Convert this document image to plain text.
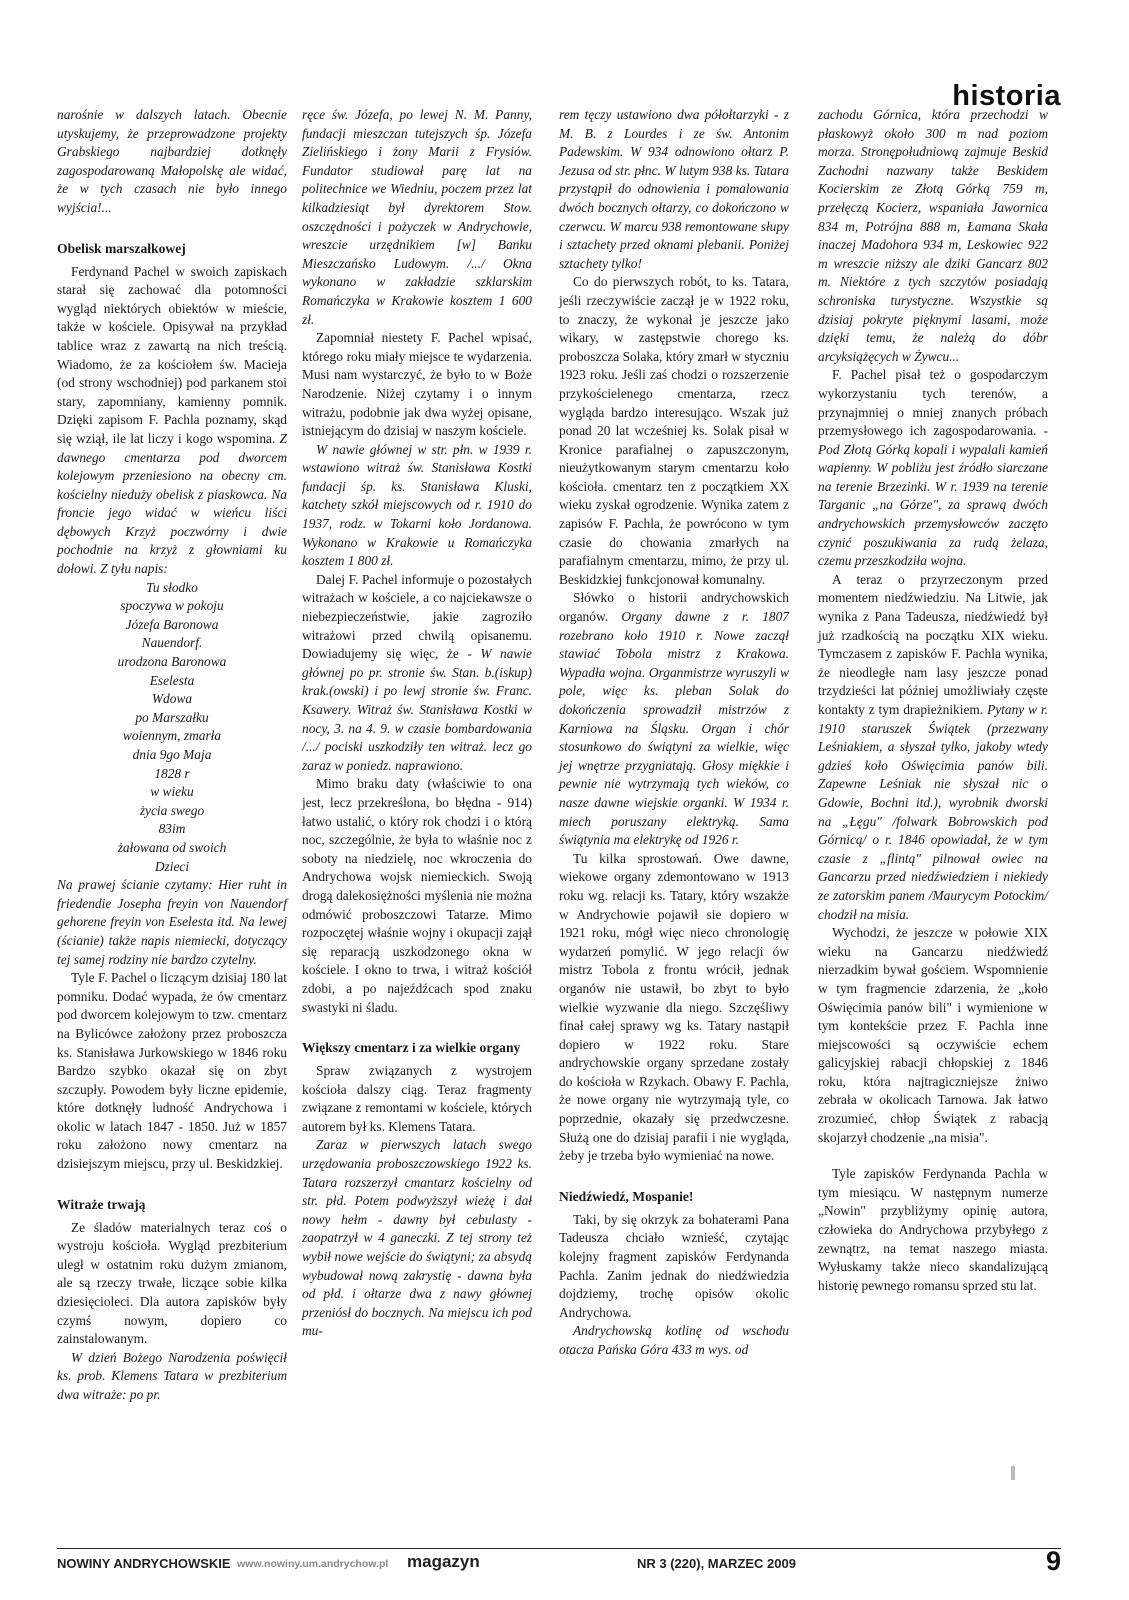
historia

narośnie w dalszych latach. Obecnie utyskujemy, że przeprowadzone projekty Grabskiego najbardziej dotknęły zagospodarowaną Małopolskę ale widać, że w tych czasach nie było innego wyjścia!...

Obelisk marszałkowej

Ferdynand Pachel w swoich zapiskach starał się zachować dla potomności wygląd niektórych obiektów w mieście, także w kościele. Opisywał na przykład tablice wraz z zawartą na nich treścią. Wiadomo, że za kościołem św. Macieja (od strony wschodniej) pod parkanem stoi stary, zapomniany, kamienny pomnik. Dzięki zapisom F. Pachla poznamy, skąd się wziął, ile lat liczy i kogo wspomina. Z dawnego cmentarza pod dworcem kolejowym przeniesiono na obecny cm. kościelny nieduży obelisk z piaskowca. Na froncie jego widać w wieńcu liści dębowych Krzyż poczwórny i dwie pochodnie na krzyż z głowniami ku dołowi. Z tyłu napis:

Tu słodko

spoczywa w pokoju

Józefa Baronowa

Nauendorf.

urodzona Baronowa

Eselesta

Wdowa

po Marszałku

woiennym, zmarła

dnia 9go Maja

1828 r

w wieku

życia swego

83im

żałowana od swoich

Dzieci

Na prawej ścianie czytamy: Hier ruht in friedendie Josepha freyin von Nauendorf gehorene freyin von Eselesta itd. Na lewej (ścianie) także napis niemiecki, dotyczący tej samej rodziny nie bardzo czytelny.

Tyle F. Pachel o liczącym dzisiaj 180 lat pomniku. Dodać wypada, że ów cmentarz pod dworcem kolejowym to tzw. cmentarz na Bylicówce założony przez proboszcza ks. Stanisława Jurkowskiego w 1846 roku Bardzo szybko okazał się on zbyt szczupły. Powodem były liczne epidemie, które dotknęły ludność Andrychowa i okolic w latach 1847 - 1850. Już w 1857 roku założono nowy cmentarz na dzisiejszym miejscu, przy ul. Beskidzkiej.

Witraże trwają

Ze śladów materialnych teraz coś o wystroju kościoła. Wygląd prezbiterium uległ w ostatnim roku dużym zmianom, ale są rzeczy trwałe, liczące sobie kilka dziesięcioleci. Dla autora zapisków były czymś nowym, dopiero co zainstalowanym.

W dzień Bożego Narodzenia poświęcił ks. prob. Klemens Tatara w prezbiterium dwa witraże: po pr.

ręce św. Józefa, po lewej N. M. Panny, fundacji mieszczan tutejszych śp. Józefa Zielińskiego i żony Marii z Frysiów. Fundator studiował parę lat na politechnice we Wiedniu, poczem przez lat kilkadziesiąt był dyrektorem Stow. oszczędności i pożyczek w Andrychowie, wreszcie urzędnikiem [w] Banku Mieszczańsko Ludowym. /.../ Okna wykonano w zakładzie szklarskim Romańczyka w Krakowie kosztem 1 600 zł.

Zapomniał niestety F. Pachel wpisać, którego roku miały miejsce te wydarzenia. Musi nam wystarczyć, że było to w Boże Narodzenie. Niżej czytamy i o innym witrażu, podobnie jak dwa wyżej opisane, istniejącym do dzisiaj w naszym kościele.

W nawie głównej w str. płn. w 1939 r. wstawiono witraż św. Stanisława Kostki fundacji śp. ks. Stanisława Kluski, katchety szkół miejscowych od r. 1910 do 1937, rodz. w Tokarni koło Jordanowa. Wykonano w Krakowie u Romańczyka kosztem 1 800 zł.

Dalej F. Pachel informuje o pozostałych witrażach w kościele, a co najciekawsze o niebezpieczeństwie, jakie zagroziło witrażowi przed chwilą opisanemu. Dowiadujemy się więc, że - W nawie głównej po pr. stronie św. Stan. b.(iskup) krak.(owski) i po lewj stronie św. Franc. Ksawery. Witraż św. Stanisława Kostki w nocy, 3. na 4. 9. w czasie bombardowania /.../ pociski uszkodziły ten witraż. lecz go zaraz w poniedz. naprawiono.

Mimo braku daty (właściwie to ona jest, lecz przekreślona, bo błędna - 914) łatwo ustalić, o który rok chodzi i o którą noc, szczególnie, że była to właśnie noc z soboty na niedzielę, noc wkroczenia do Andrychowa wojsk niemieckich. Swoją drogą dalekosiężności myślenia nie można odmówić proboszczowi Tatarze. Mimo rozpoczętej właśnie wojny i okupacji zajął się reparacją uszkodzonego okna w kościele. I okno to trwa, i witraż kościół zdobi, a po najeźdźcach spod znaku swastyki ni śladu.

Większy cmentarz i za wielkie organy

Spraw związanych z wystrojem kościoła dalszy ciąg. Teraz fragmenty związane z remontami w kościele, których autorem był ks. Klemens Tatara.

Zaraz w pierwszych latach swego urzędowania proboszczowskiego 1922 ks. Tatara rozszerzył cmantarz kościelny od str. płd. Potem podwyższył wieżę i dał nowy hełm - dawny był cebulasty - zaopatrzył w 4 ganeczki. Z tej strony też wybił nowe wejście do świątyni; za absydą wybudował nową zakrystię - dawna była od płd. i ołtarze dwa z nawy głównej przeniósł do bocznych. Na miejscu ich pod mu-

rem tęczy ustawiono dwa półołtarzyki - z M. B. z Lourdes i ze św. Antonim Padewskim. W 934 odnowiono ołtarz P. Jezusa od str. płnc. W lutym 938 ks. Tatara przystąpił do odnowienia i pomalowania dwóch bocznych ołtarzy, co dokończono w czerwcu. W marcu 938 remontowane słupy i sztachety przed oknami plebanii. Poniżej sztachety tylko!

Co do pierwszych robót, to ks. Tatara, jeśli rzeczywiście zaczął je w 1922 roku, to znaczy, że wykonał je jeszcze jako wikary, w zastępstwie chorego ks. proboszcza Solaka, który zmarł w styczniu 1923 roku. Jeśli zaś chodzi o rozszerzenie przykościelenego cmentarza, rzecz wygląda bardzo interesująco. Wszak już ponad 20 lat wcześniej ks. Solak pisał w Kronice parafialnej o zapuszczonym, nieużytkowanym starym cmentarzu koło kościoła. cmentarz ten z początkiem XX wieku zyskał ogrodzenie. Wynika zatem z zapisów F. Pachla, że powrócono w tym czasie do chowania zmarłych na parafialnym cmentarzu, mimo, że przy ul. Beskidzkiej funkcjonował komunalny.

Słówko o historii andrychowskich organów. Organy dawne z r. 1807 rozebrano koło 1910 r. Nowe zaczął stawiać Tobola mistrz z Krakowa. Wypadła wojna. Organmistrze wyruszyli w pole, więc ks. pleban Solak do dokończenia sprowadził mistrzów z Karniowa na Śląsku. Organ i chór stosunkowo do świątyni za wielkie, więc jej wnętrze przygniatają. Głosy miękkie i pewnie nie wytrzymają tych wieków, co nasze dawne wiejskie organki. W 1934 r. miech poruszany elektryką. Sama świątynia ma elektrykę od 1926 r.

Tu kilka sprostowań. Owe dawne, wiekowe organy zdemontowano w 1913 roku wg. relacji ks. Tatary, który wszakże w Andrychowie pojawił sie dopiero w 1921 roku, mógł więc nieco chronologię wydarzeń pomylić. W jego relacji ów mistrz Tobola z frontu wrócił, jednak organów nie ustawił, bo zbyt to było wielkie wyzwanie dla niego. Szczęśliwy finał całej sprawy wg ks. Tatary nastąpił dopiero w 1922 roku. Stare andrychowskie organy sprzedane zostały do kościoła w Rzykach. Obawy F. Pachla, że nowe organy nie wytrzymają tyle, co poprzednie, okazały się przedwczesne. Służą one do dzisiaj parafii i nie wygląda, żeby je trzeba było wymieniać na nowe.

Niedźwiedź, Mospanie!

Taki, by się okrzyk za bohaterami Pana Tadeusza chciało wznieść, czytając kolejny fragment zapisków Ferdynanda Pachla. Zanim jednak do niedźwiedzia dojdziemy, trochę opisów okolic Andrychowa.

Andrychowską kotlinę od wschodu otacza Pańska Góra 433 m wys. od

zachodu Górnica, która przechodzi w płaskowyż około 300 m nad poziom morza. Stronępołudniową zajmuje Beskid Zachodni nazwany także Beskidem Kocierskim ze Złotą Górką 759 m, przełęczą Kocierz, wspaniała Jawornica 834 m, Potrójna 888 m, Łamana Skała inaczej Madohora 934 m, Leskowiec 922 m wreszcie niższy ale dziki Gancarz 802 m. Niektóre z tych szczytów posiadają schroniska turystyczne. Wszystkie są dzisiaj pokryte pięknymi lasami, może dzięki temu, że należą do dóbr arcyksiążęcych w Żywcu...

F. Pachel pisał też o gospodarczym wykorzystaniu tych terenów, a przynajmniej o mniej znanych próbach przemysłowego ich zagospodarowania. - Pod Złotą Górką kopali i wypalali kamień wapienny. W pobliżu jest źródło siarczane na terenie Brzezinki. W r. 1939 na terenie Targanic „na Górze", za sprawą dwóch andrychowskich przemysłowców zaczęto czynić poszukiwania za rudą żelaza, czemu przeszkodziła wojna.

A teraz o przyrzeczonym przed momentem niedźwiedziu. Na Litwie, jak wynika z Pana Tadeusza, niedźwiedź był już rzadkością na początku XIX wieku. Tymczasem z zapisków F. Pachla wynika, że nieodległe nam lasy jeszcze ponad trzydzieści lat później umożliwiały częste kontakty z tym drapieżnikiem. Pytany w r. 1910 staruszek Świątek (przezwany Leśniakiem, a słyszał tylko, jakoby wtedy gdzieś koło Oświęcimia panów bili. Zapewne Leśniak nie słyszał nic o Gdowie, Bochni itd.), wyrobnik dworski na „Łęgu" /folwark Bobrowskich pod Górnicą/ o r. 1846 opowiadał, że w tym czasie z „flintą" pilnował owiec na Gancarzu przed niedźwiedziem i niekiedy ze zatorskim panem /Maurycym Potockim/ chodził na misia.

Wychodzi, że jeszcze w połowie XIX wieku na Gancarzu niedźwiedź nierzadkim bywał gościem. Wspomnienie w tym fragmencie zdarzenia, że „koło Oświęcimia panów bili" i wymienione w tym kontekście przez F. Pachla inne miejscowości są oczywiście echem galicyjskiej rabacji chłopskiej z 1846 roku, która najtragiczniejsze żniwo zebrała w okolicach Tarnowa. Jak łatwo zrozumieć, chłop Świątek z rabacją skojarzył chodzenie „na misia".

Tyle zapisków Ferdynanda Pachla w tym miesiącu. W następnym numerze „Nowin" przybliżymy opinię autora, człowieka do Andrychowa przybyłego z zewnątrz, na temat naszego miasta. Wyłuskamy także nieco skandalizującą historię pewnego romansu sprzed stu lat.

NOWINY ANDRYCHOWSKIE www.nowiny.um.andrychow.pl magazyn	NR 3 (220), MARZEC 2009	9
